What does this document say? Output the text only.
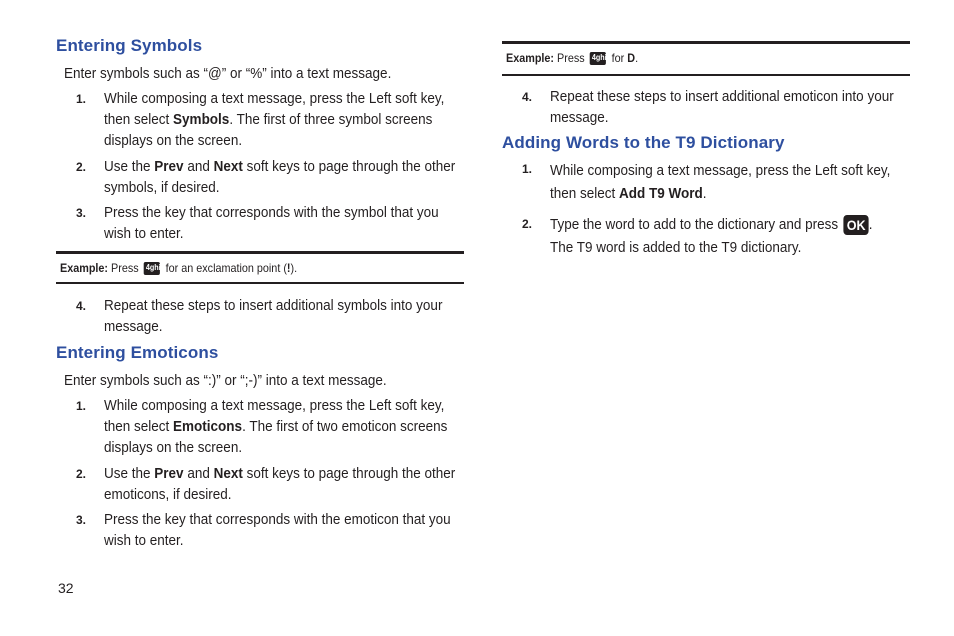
Entering Symbols
Enter symbols such as “@” or “%” into a text message.
1. While composing a text message, press the Left soft key,
then select Symbols. The first of three symbol screens
displays on the screen.
2. Use the Prev and Next soft keys to page through the other
symbols, if desired.
3. Press the key that corresponds with the symbol that you
wish to enter.
Example: Press 4ghi for an exclamation point (!).
4. Repeat these steps to insert additional symbols into your
message.
Entering Emoticons
Enter symbols such as “:)” or “;-)” into a text message.
1. While composing a text message, press the Left soft key,
then select Emoticons. The first of two emoticon screens
displays on the screen.
2. Use the Prev and Next soft keys to page through the other
emoticons, if desired.
3. Press the key that corresponds with the emoticon that you
wish to enter.
Example: Press 4ghi for D.
4. Repeat these steps to insert additional emoticon into your
message.
Adding Words to the T9 Dictionary
1. While composing a text message, press the Left soft key,
then select Add T9 Word.
2. Type the word to add to the dictionary and press OK .
The T9 word is added to the T9 dictionary.
32
